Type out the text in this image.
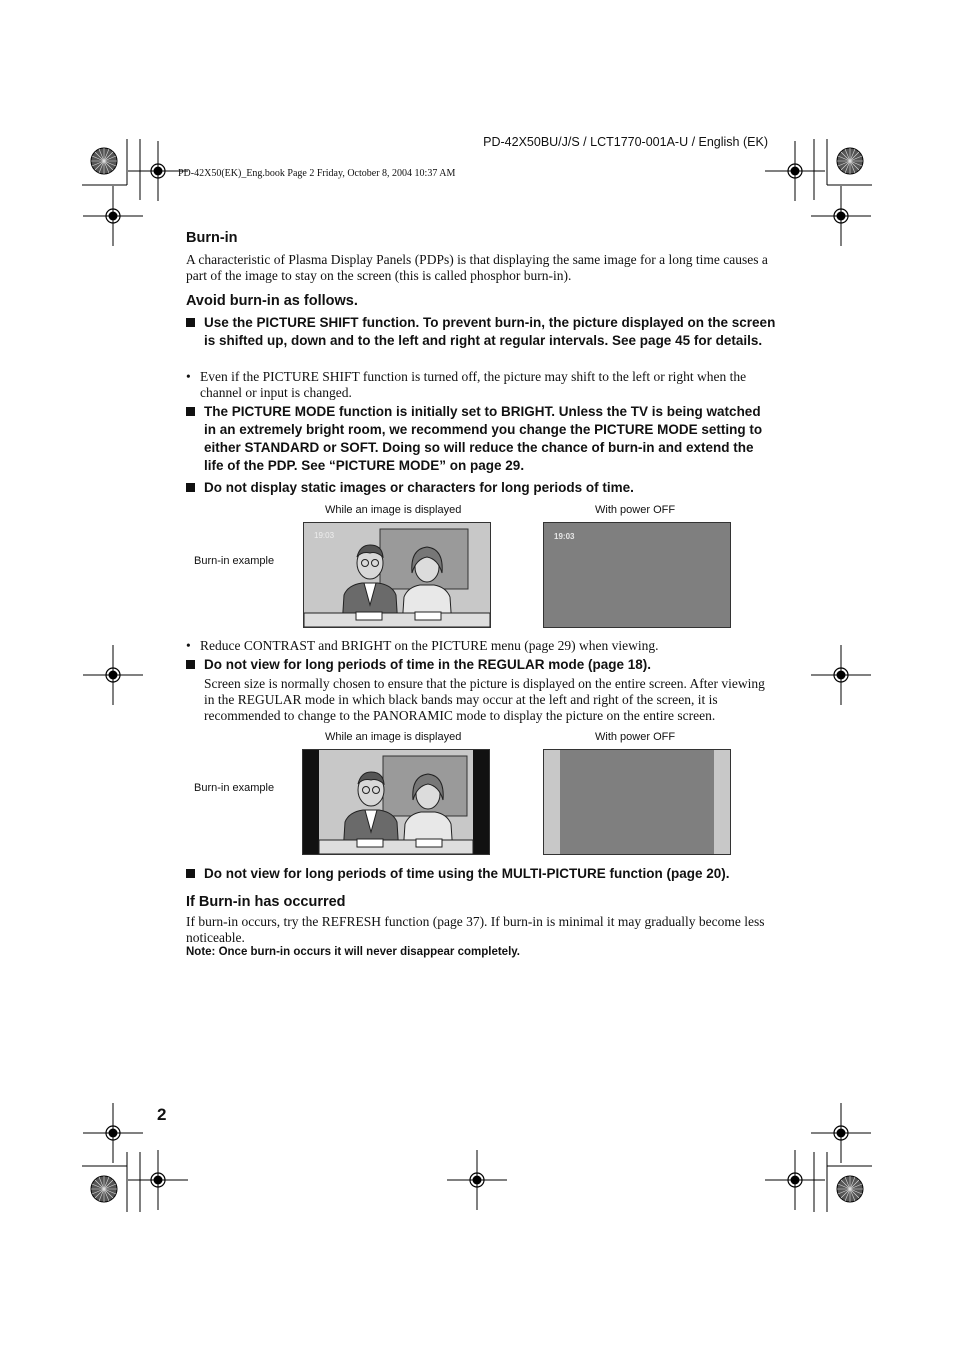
PD-42X50BU/J/S / LCT1770-001A-U / English (EK)
PD-42X50(EK)_Eng.book Page 2 Friday, October 8, 2004 10:37 AM
Burn-in
A characteristic of Plasma Display Panels (PDPs) is that displaying the same image for a long time causes a part of the image to stay on the screen (this is called phosphor burn-in).
Avoid burn-in as follows.
Use the PICTURE SHIFT function. To prevent burn-in, the picture displayed on the screen is shifted up, down and to the left and right at regular intervals. See page 45 for details.
• Even if the PICTURE SHIFT function is turned off, the picture may shift to the left or right when the channel or input is changed.
The PICTURE MODE function is initially set to BRIGHT. Unless the TV is being watched in an extremely bright room, we recommend you change the PICTURE MODE setting to either STANDARD or SOFT. Doing so will reduce the chance of burn-in and extend the life of the PDP. See “PICTURE MODE” on page 29.
Do not display static images or characters for long periods of time.
While an image is displayed	With power OFF
Burn-in example
19:03	19:03
• Reduce CONTRAST and BRIGHT on the PICTURE menu (page 29) when viewing.
Do not view for long periods of time in the REGULAR mode (page 18).
Screen size is normally chosen to ensure that the picture is displayed on the entire screen. After viewing in the REGULAR mode in which black bands may occur at the left and right of the screen, it is recommended to change to the PANORAMIC mode to display the picture on the entire screen.
While an image is displayed	With power OFF
Burn-in example
Do not view for long periods of time using the MULTI-PICTURE function (page 20).
If Burn-in has occurred
If burn-in occurs, try the REFRESH function (page 37). If burn-in is minimal it may gradually become less noticeable.
Note: Once burn-in occurs it will never disappear completely.
2
